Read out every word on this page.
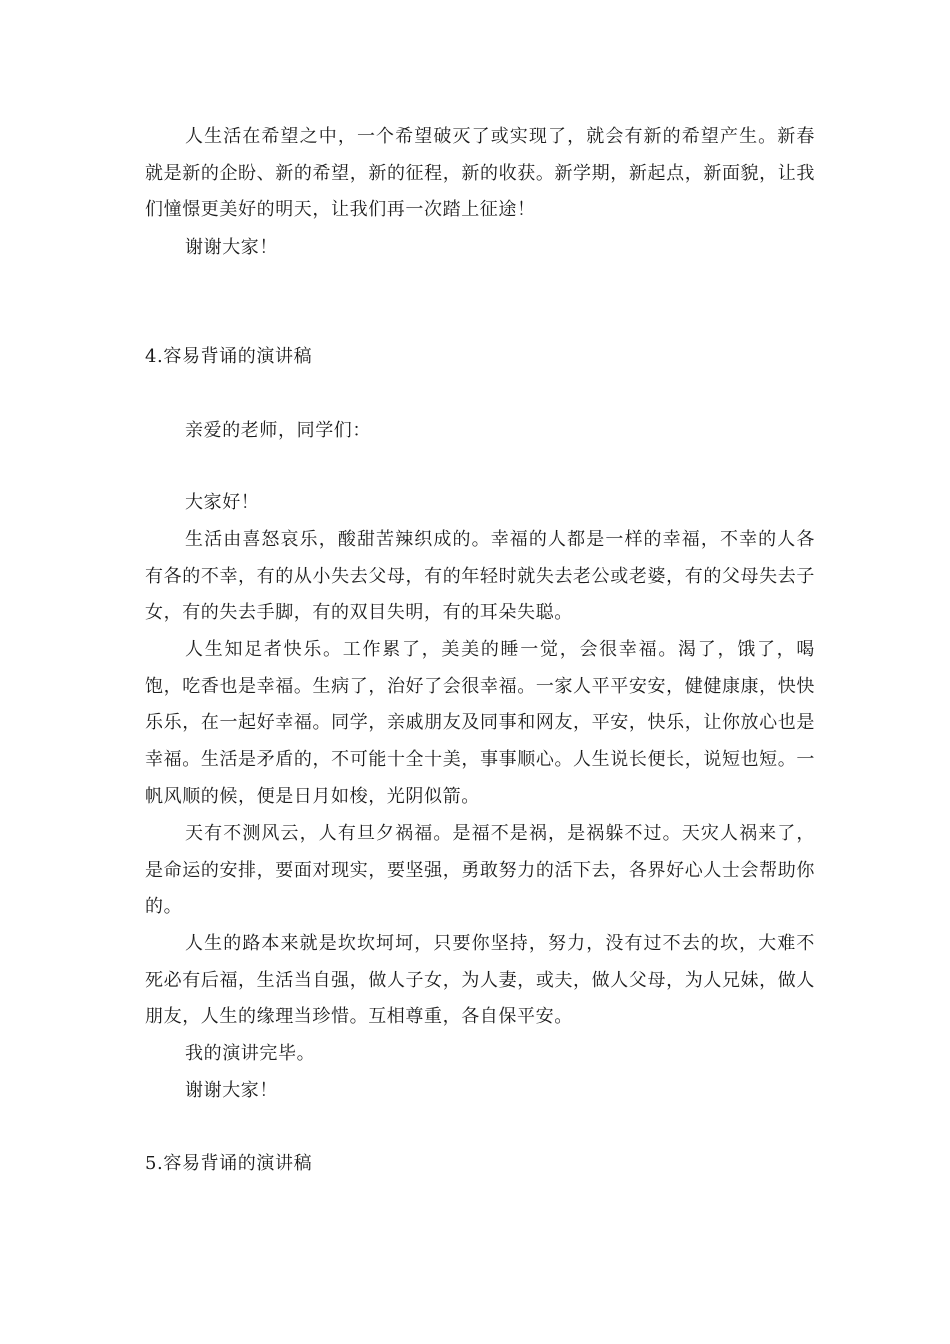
人生活在希望之中，一个希望破灭了或实现了，就会有新的希望产生。新春就是新的企盼、新的希望，新的征程，新的收获。新学期，新起点，新面貌，让我们憧憬更美好的明天，让我们再一次踏上征途！

谢谢大家！

4.容易背诵的演讲稿

亲爱的老师，同学们：

大家好！

生活由喜怒哀乐，酸甜苦辣织成的。幸福的人都是一样的幸福，不幸的人各有各的不幸，有的从小失去父母，有的年轻时就失去老公或老婆，有的父母失去子女，有的失去手脚，有的双目失明，有的耳朵失聪。

人生知足者快乐。工作累了，美美的睡一觉，会很幸福。渴了，饿了，喝饱，吃香也是幸福。生病了，治好了会很幸福。一家人平平安安，健健康康，快快乐乐，在一起好幸福。同学，亲戚朋友及同事和网友，平安，快乐，让你放心也是幸福。生活是矛盾的，不可能十全十美，事事顺心。人生说长便长，说短也短。一帆风顺的候，便是日月如梭，光阴似箭。

天有不测风云，人有旦夕祸福。是福不是祸，是祸躲不过。天灾人祸来了，是命运的安排，要面对现实，要坚强，勇敢努力的活下去，各界好心人士会帮助你的。

人生的路本来就是坎坎坷坷，只要你坚持，努力，没有过不去的坎，大难不死必有后福，生活当自强，做人子女，为人妻，或夫，做人父母，为人兄妹，做人朋友，人生的缘理当珍惜。互相尊重，各自保平安。

我的演讲完毕。

谢谢大家！

5.容易背诵的演讲稿
